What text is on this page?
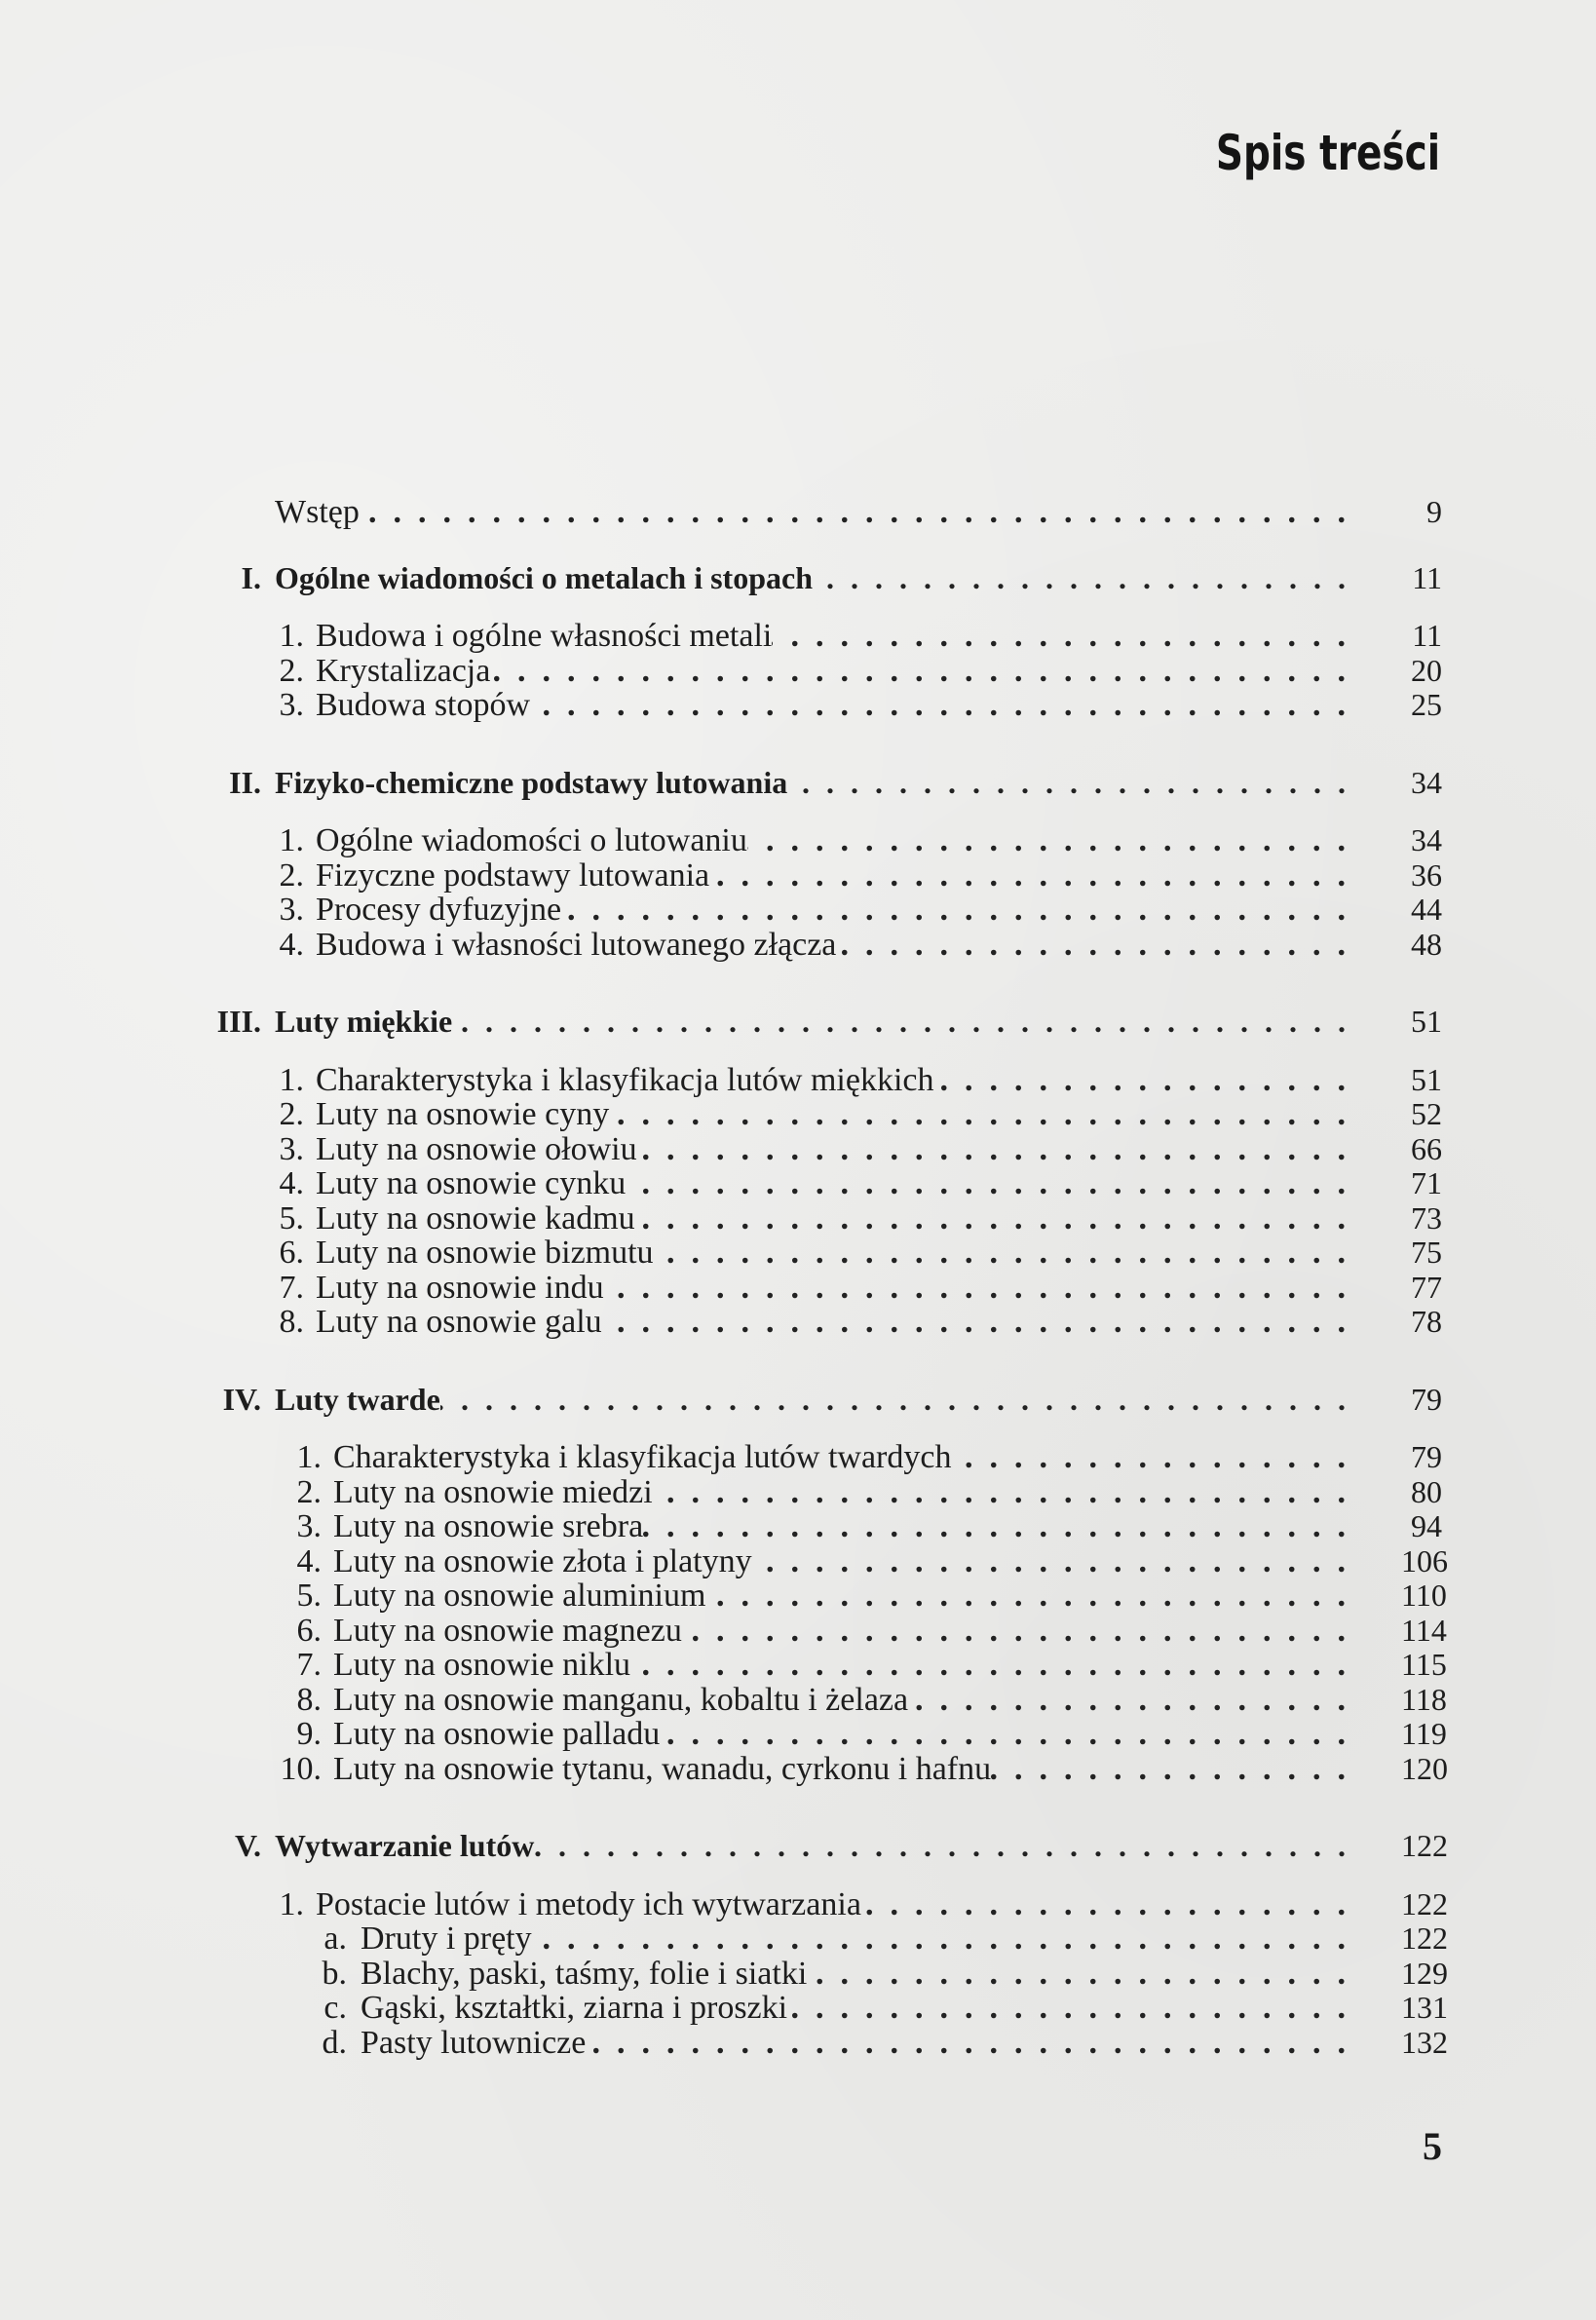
Spis treści
Wstęp .....	9
I. Ogólne wiadomości o metalach i stopach .....	11
1. Budowa i ogólne własności metali .....	11
2. Krystalizacja .....	20
3. Budowa stopów .....	25
II. Fizyko-chemiczne podstawy lutowania .....	34
1. Ogólne wiadomości o lutowaniu .....	34
2. Fizyczne podstawy lutowania .....	36
3. Procesy dyfuzyjne .....	44
4. Budowa i własności lutowanego złącza .....	48
III. Luty miękkie .....	51
1. Charakterystyka i klasyfikacja lutów miękkich .....	51
2. Luty na osnowie cyny .....	52
3. Luty na osnowie ołowiu .....	66
4. Luty na osnowie cynku .....	71
5. Luty na osnowie kadmu .....	73
6. Luty na osnowie bizmutu .....	75
7. Luty na osnowie indu .....	77
8. Luty na osnowie galu .....	78
IV. Luty twarde .....	79
1. Charakterystyka i klasyfikacja lutów twardych .....	79
2. Luty na osnowie miedzi .....	80
3. Luty na osnowie srebra .....	94
4. Luty na osnowie złota i platyny .....	106
5. Luty na osnowie aluminium .....	110
6. Luty na osnowie magnezu .....	114
7. Luty na osnowie niklu .....	115
8. Luty na osnowie manganu, kobaltu i żelaza .....	118
9. Luty na osnowie palladu .....	119
10. Luty na osnowie tytanu, wanadu, cyrkonu i hafnu .....	120
V. Wytwarzanie lutów .....	122
1. Postacie lutów i metody ich wytwarzania .....	122
a. Druty i pręty .....	122
b. Blachy, paski, taśmy, folie i siatki .....	129
c. Gąski, kształtki, ziarna i proszki .....	131
d. Pasty lutownicze .....	132
5
